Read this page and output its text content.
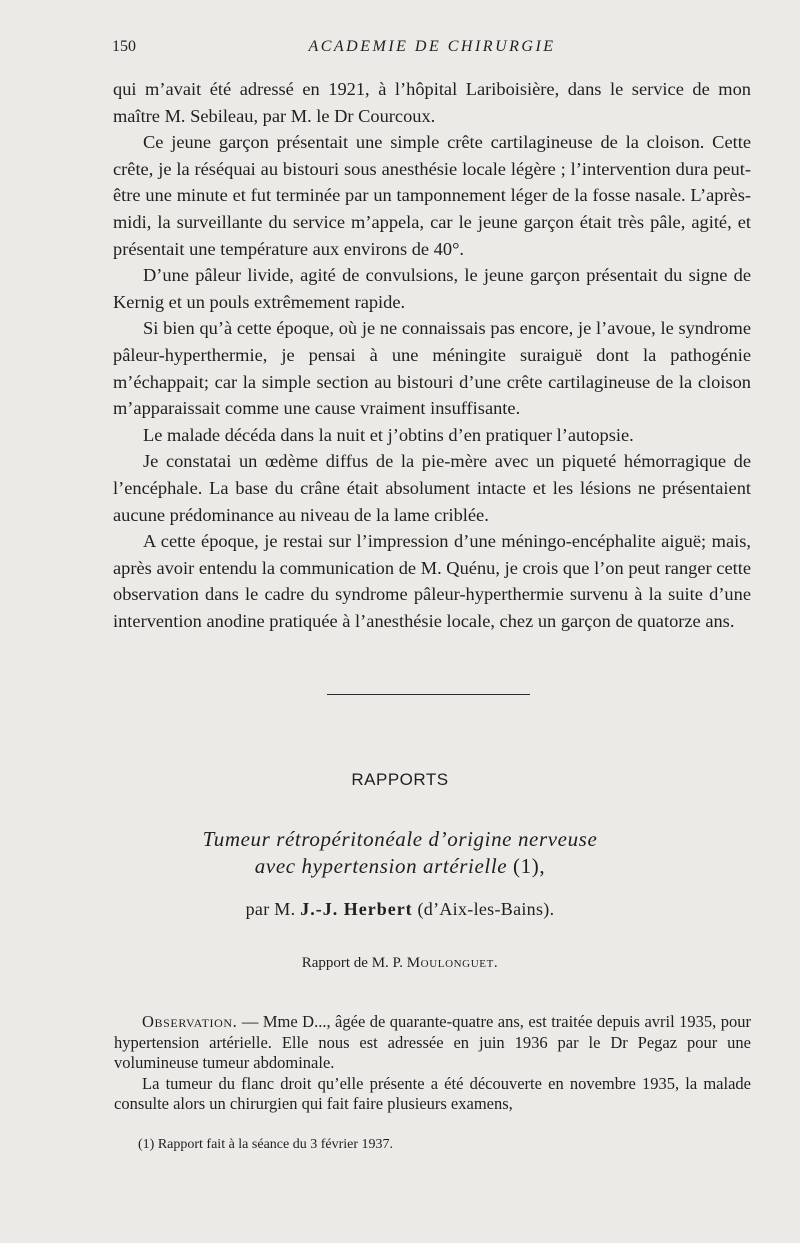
150	ACADEMIE DE CHIRURGIE

qui m’avait été adressé en 1921, à l’hôpital Lariboisière, dans le service de mon maître M. Sebileau, par M. le Dr Courcoux.

Ce jeune garçon présentait une simple crête cartilagineuse de la cloison. Cette crête, je la réséquai au bistouri sous anesthésie locale légère ; l’intervention dura peut-être une minute et fut terminée par un tamponnement léger de la fosse nasale. L’après-midi, la surveillante du service m’appela, car le jeune garçon était très pâle, agité, et présentait une température aux environs de 40°.

D’une pâleur livide, agité de convulsions, le jeune garçon présentait du signe de Kernig et un pouls extrêmement rapide.

Si bien qu’à cette époque, où je ne connaissais pas encore, je l’avoue, le syndrome pâleur-hyperthermie, je pensai à une méningite suraiguë dont la pathogénie m’échappait; car la simple section au bistouri d’une crête cartilagineuse de la cloison m’apparaissait comme une cause vraiment insuffisante.

Le malade décéda dans la nuit et j’obtins d’en pratiquer l’autopsie.

Je constatai un œdème diffus de la pie-mère avec un piqueté hémorragique de l’encéphale. La base du crâne était absolument intacte et les lésions ne présentaient aucune prédominance au niveau de la lame criblée.

A cette époque, je restai sur l’impression d’une méningo-encéphalite aiguë; mais, après avoir entendu la communication de M. Quénu, je crois que l’on peut ranger cette observation dans le cadre du syndrome pâleur-hyperthermie survenu à la suite d’une intervention anodine pratiquée à l’anesthésie locale, chez un garçon de quatorze ans.

RAPPORTS
Tumeur rétropéritonéale d’origine nerveuse
avec hypertension artérielle (1),
par M. J.-J. Herbert (d’Aix-les-Bains).
Rapport de M. P. Moulonguet.

Observation. — Mme D..., âgée de quarante-quatre ans, est traitée depuis avril 1935, pour hypertension artérielle. Elle nous est adressée en juin 1936 par le Dr Pegaz pour une volumineuse tumeur abdominale.

La tumeur du flanc droit qu’elle présente a été découverte en novembre 1935, la malade consulte alors un chirurgien qui fait faire plusieurs examens,

(1) Rapport fait à la séance du 3 février 1937.
